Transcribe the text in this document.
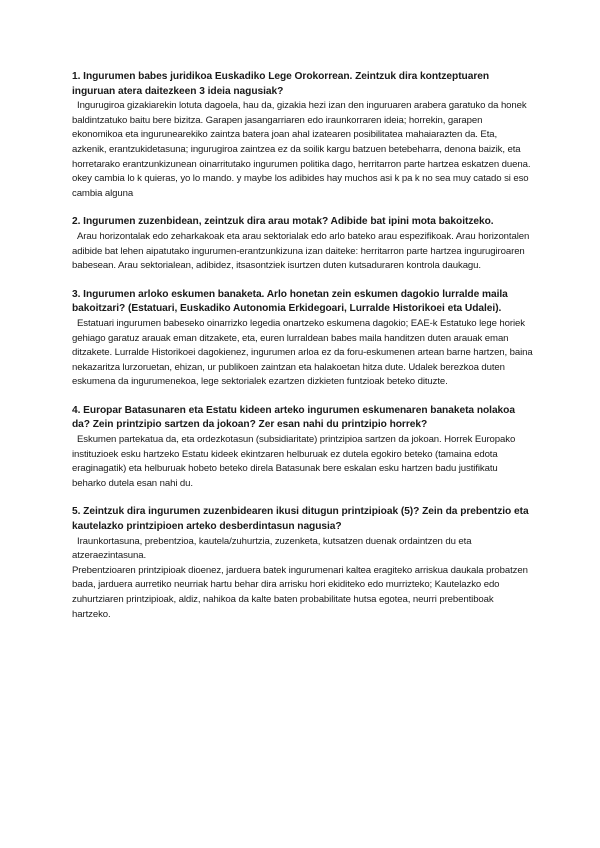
1. Ingurumen babes juridikoa Euskadiko Lege Orokorrean. Zeintzuk dira kontzeptuaren inguruan atera daitezkeen 3 ideia nagusiak?

Ingurugiroa gizakiarekin lotuta dagoela, hau da, gizakia hezi izan den inguruaren arabera garatuko da honek baldintzatuko baitu bere bizitza. Garapen jasangarriaren edo iraunkorraren ideia; horrekin, garapen ekonomikoa eta ingurunearekiko zaintza batera joan ahal izatearen posibilitatea mahaiaraztеn da. Eta, azkenik, erantzukidetasuna; ingurugiroa zaintzea ez da soilik kargu batzuen betebeharra, denona baizik, eta horretarako erantzunkizunean oinarritutako ingurumen politika dago, herritarron parte hartzea eskatzen duena. okey cambia lo k quieras, yo lo mando. y maybe los adibides hay muchos asi k pa k no sea muy catado si eso cambia alguna

2. Ingurumen zuzenbidean, zeintzuk dira arau motak? Adibide bat ipini mota bakoitzeko.

Arau horizontalak edo zeharkakoak eta arau sektorialak edo arlo bateko arau espezifikoak. Arau horizontalen adibide bat lehen aipatutako ingurumen-erantzunkizuna izan daiteke: herritarron parte hartzea ingurugiroaren babesean. Arau sektorialean, adibidez, itsasontziek isurtzen duten kutsaduraren kontrola daukagu.

3. Ingurumen arloko eskumen banaketa. Arlo honetan zein eskumen dagokio lurralde maila bakoitzari? (Estatuari, Euskadiko Autonomia Erkidegoari, Lurralde Historikoei eta Udalei).

Estatuari ingurumen babeseko oinarrizko legedia onartzeko eskumena dagokio; EAE-k Estatuko lege horiek gehiago garatuz arauak eman ditzakete, eta, euren lurraldean babes maila handitzen duten arauak eman ditzakete. Lurralde Historikoei dagokienez, ingurumen arloa ez da foru-eskumenen artean barne hartzen, baina nekazaritza lurzoruetan, ehizan, ur publikoen zaintzan eta halakoetan hitza dute. Udalek berezkoa duten eskumena da ingurumenekoa, lege sektorialek ezartzen dizkieten funtzioak beteko dituzte.

4. Europar Batasunaren eta Estatu kideen arteko ingurumen eskumenaren banaketa nolakoa da? Zein printzipio sartzen da jokoan? Zer esan nahi du printzipio horrek?

Eskumen partekatua da, eta ordezkotasun (subsidiaritate) printzipioa sartzen da jokoan. Horrek Europako instituzioek esku hartzeko Estatu kideek ekintzaren helburuak ez dutela egokiro beteko (tamaina edota eraginagatik) eta helburuak hobeto beteko direla Batasunak bere eskalan esku hartzen badu justifikatu beharko dutela esan nahi du.

5. Zeintzuk dira ingurumen zuzenbidearen ikusi ditugun printzipioak (5)? Zein da prebentzio eta kautelazko printzipioen arteko desberdintasun nagusia?

Iraunkortasuna, prebentzioa, kautela/zuhurtzia, zuzenketa, kutsatzen duenak ordaintzen du eta atzeraezintasuna.

Prebentzioaren printzipioak dioenez, jarduera batek ingurumenari kaltea eragiteko arriskua daukala probatzen bada, jarduera aurretiko neurriak hartu behar dira arrisku hori ekiditeko edo murrizteko; Kautelazko edo zuhurtziaren printzipioak, aldiz, nahikoa da kalte baten probabilitate hutsa egotea, neurri prebentiboak hartzeko.
